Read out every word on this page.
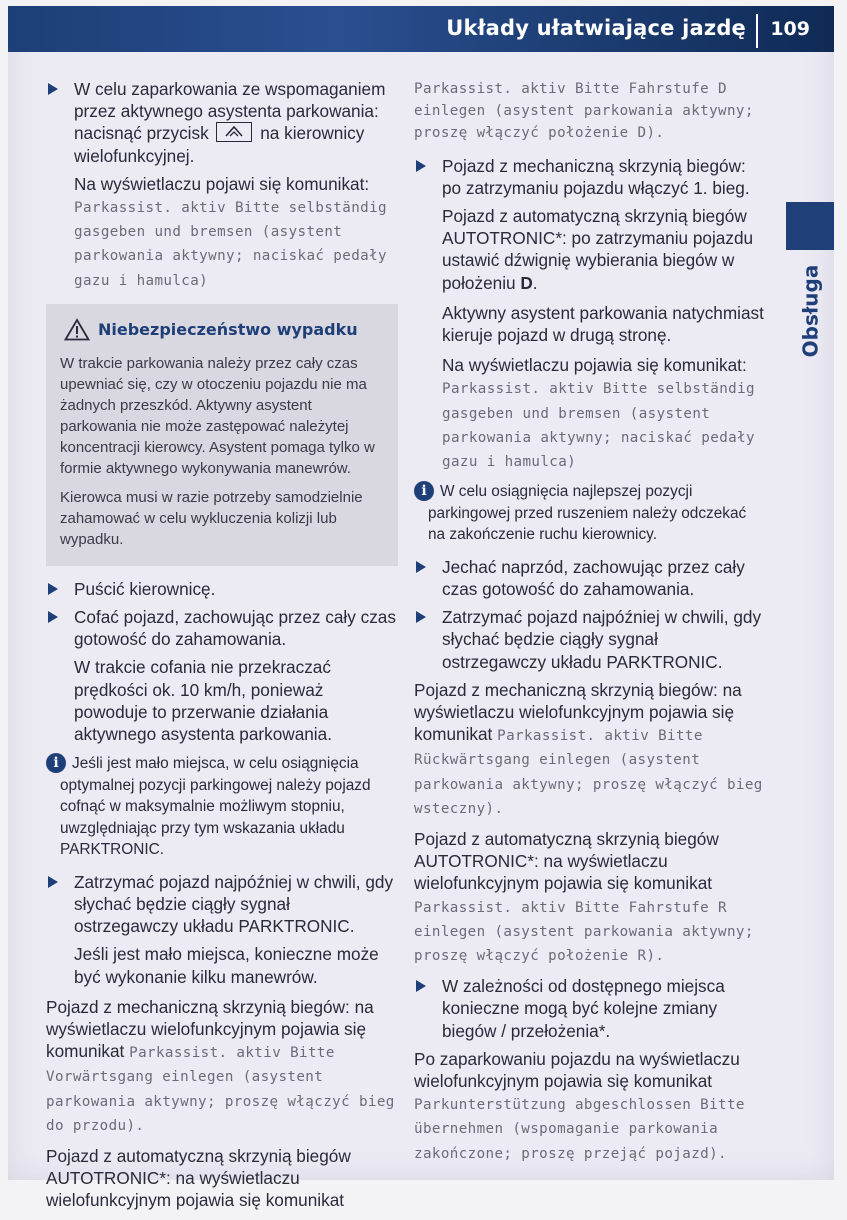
Układy ułatwiające jazdę 109
Obsługa
W celu zaparkowania ze wspomaganiem przez aktywnego asystenta parkowania: nacisnąć przycisk	na kierownicy wielofunkcyjnej.

Na wyświetlaczu pojawi się komunikat: Parkassist. aktiv Bitte selbständig gasgeben und bremsen (asystent parkowania aktywny; naciskać pedały gazu i hamulca)

Niebezpieczeństwo wypadku

W trakcie parkowania należy przez cały czas upewniać się, czy w otoczeniu pojazdu nie ma żadnych przeszkód. Aktywny asystent parkowania nie może zastępować należytej koncentracji kierowcy. Asystent pomaga tylko w formie aktywnego wykonywania manewrów.

Kierowca musi w razie potrzeby samodzielnie zahamować w celu wykluczenia kolizji lub wypadku.

Puścić kierownicę.
Cofać pojazd, zachowując przez cały czas gotowość do zahamowania.

W trakcie cofania nie przekraczać prędkości ok. 10 km/h, ponieważ powoduje to przerwanie działania aktywnego asystenta parkowania.

i Jeśli jest mało miejsca, w celu osiągnięcia optymalnej pozycji parkingowej należy pojazd cofnąć w maksymalnie możliwym stopniu, uwzględniając przy tym wskazania układu PARKTRONIC.
Zatrzymać pojazd najpóźniej w chwili, gdy słychać będzie ciągły sygnał ostrzegawczy układu PARKTRONIC.

Jeśli jest mało miejsca, konieczne może być wykonanie kilku manewrów.

Pojazd z mechaniczną skrzynią biegów: na wyświetlaczu wielofunkcyjnym pojawia się komunikat Parkassist. aktiv Bitte Vorwärtsgang einlegen (asystent parkowania aktywny; proszę włączyć bieg do przodu).

Pojazd z automatyczną skrzynią biegów AUTOTRONIC*: na wyświetlaczu wielofunkcyjnym pojawia się komunikat

Parkassist. aktiv Bitte Fahrstufe D einlegen (asystent parkowania aktywny; proszę włączyć położenie D).

Pojazd z mechaniczną skrzynią biegów: po zatrzymaniu pojazdu włączyć 1. bieg.

Pojazd z automatyczną skrzynią biegów AUTOTRONIC*: po zatrzymaniu pojazdu ustawić dźwignię wybierania biegów w położeniu D.

Aktywny asystent parkowania natychmiast kieruje pojazd w drugą stronę.

Na wyświetlaczu pojawia się komunikat: Parkassist. aktiv Bitte selbständig gasgeben und bremsen (asystent parkowania aktywny; naciskać pedały gazu i hamulca)

i W celu osiągnięcia najlepszej pozycji parkingowej przed ruszeniem należy odczekać na zakończenie ruchu kierownicy.
Jechać naprzód, zachowując przez cały czas gotowość do zahamowania.
Zatrzymać pojazd najpóźniej w chwili, gdy słychać będzie ciągły sygnał ostrzegawczy układu PARKTRONIC.

Pojazd z mechaniczną skrzynią biegów: na wyświetlaczu wielofunkcyjnym pojawia się komunikat Parkassist. aktiv Bitte Rückwärtsgang einlegen (asystent parkowania aktywny; proszę włączyć bieg wsteczny).

Pojazd z automatyczną skrzynią biegów AUTOTRONIC*: na wyświetlaczu wielofunkcyjnym pojawia się komunikat Parkassist. aktiv Bitte Fahrstufe R einlegen (asystent parkowania aktywny; proszę włączyć położenie R).

W zależności od dostępnego miejsca konieczne mogą być kolejne zmiany biegów / przełożenia*.

Po zaparkowaniu pojazdu na wyświetlaczu wielofunkcyjnym pojawia się komunikat Parkunterstützung abgeschlossen Bitte übernehmen (wspomaganie parkowania zakończone; proszę przejąć pojazd).
